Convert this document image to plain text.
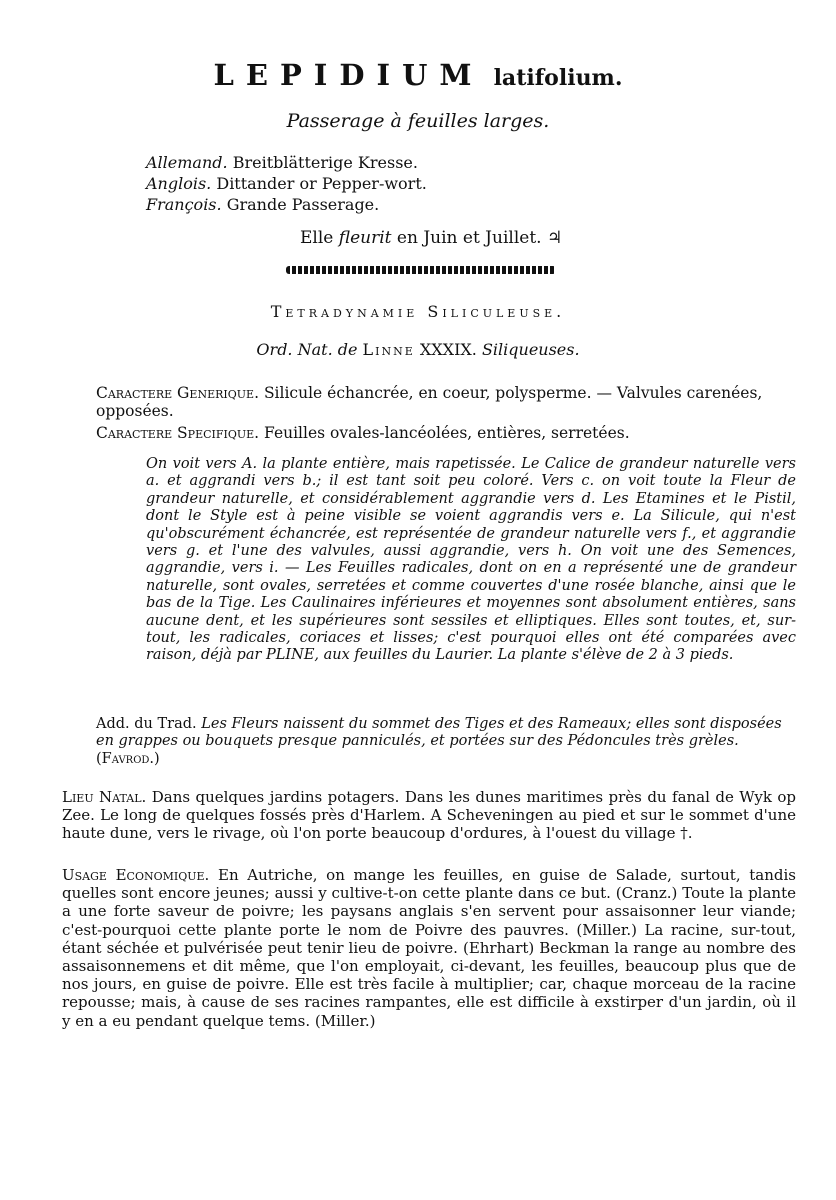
LEPIDIUM latifolium.
Passerage à feuilles larges.
Allemand. Breitblätterige Kresse.
Anglois. Dittander or Pepper-wort.
François. Grande Passerage.
Elle fleurit en Juin et Juillet. ♃
Tetradynamie Siliculeuse.
Ord. Nat. de Linne XXXIX. Siliqueuses.
Caractere Generique. Silicule échancrée, en coeur, polysperme. — Valvules carenées, opposées.
Caractere Specifique. Feuilles ovales-lancéolées, entières, serretées.
On voit vers A. la plante entière, mais rapetissée. Le Calice de grandeur naturelle vers a. et aggrandi vers b.; il est tant soit peu coloré. Vers c. on voit toute la Fleur de grandeur naturelle, et considérablement aggrandie vers d. Les Etamines et le Pistil, dont le Style est à peine visible se voient aggrandis vers e. La Silicule, qui n'est qu'obscurément échancrée, est représentée de grandeur naturelle vers f., et aggrandie vers g. et l'une des valvules, aussi aggrandie, vers h. On voit une des Semences, aggrandie, vers i. — Les Feuilles radicales, dont on en a représenté une de grandeur naturelle, sont ovales, serretées et comme couvertes d'une rosée blanche, ainsi que le bas de la Tige. Les Caulinaires inférieures et moyennes sont absolument entières, sans aucune dent, et les supérieures sont sessiles et elliptiques. Elles sont toutes, et, sur-tout, les radicales, coriaces et lisses; c'est pourquoi elles ont été comparées avec raison, déjà par PLINE, aux feuilles du Laurier. La plante s'élève de 2 à 3 pieds.
Add. du Trad. Les Fleurs naissent du sommet des Tiges et des Rameaux; elles sont disposées en grappes ou bouquets presque panniculés, et portées sur des Pédoncules très grèles. (Favrod.)
Lieu Natal. Dans quelques jardins potagers. Dans les dunes maritimes près du fanal de Wyk op Zee. Le long de quelques fossés près d'Harlem. A Scheveningen au pied et sur le sommet d'une haute dune, vers le rivage, où l'on porte beaucoup d'ordures, à l'ouest du village †.
Usage Economique. En Autriche, on mange les feuilles, en guise de Salade, surtout, tandis quelles sont encore jeunes; aussi y cultive-t-on cette plante dans ce but. (Cranz.) Toute la plante a une forte saveur de poivre; les paysans anglais s'en servent pour assaisonner leur viande; c'est-pourquoi cette plante porte le nom de Poivre des pauvres. (Miller.) La racine, sur-tout, étant séchée et pulvérisée peut tenir lieu de poivre. (Ehrhart) Beckman la range au nombre des assaisonnemens et dit même, que l'on employait, ci-devant, les feuilles, beaucoup plus que de nos jours, en guise de poivre. Elle est très facile à multiplier; car, chaque morceau de la racine repousse; mais, à cause de ses racines rampantes, elle est difficile à exstirper d'un jardin, où il y en a eu pendant quelque tems. (Miller.)
